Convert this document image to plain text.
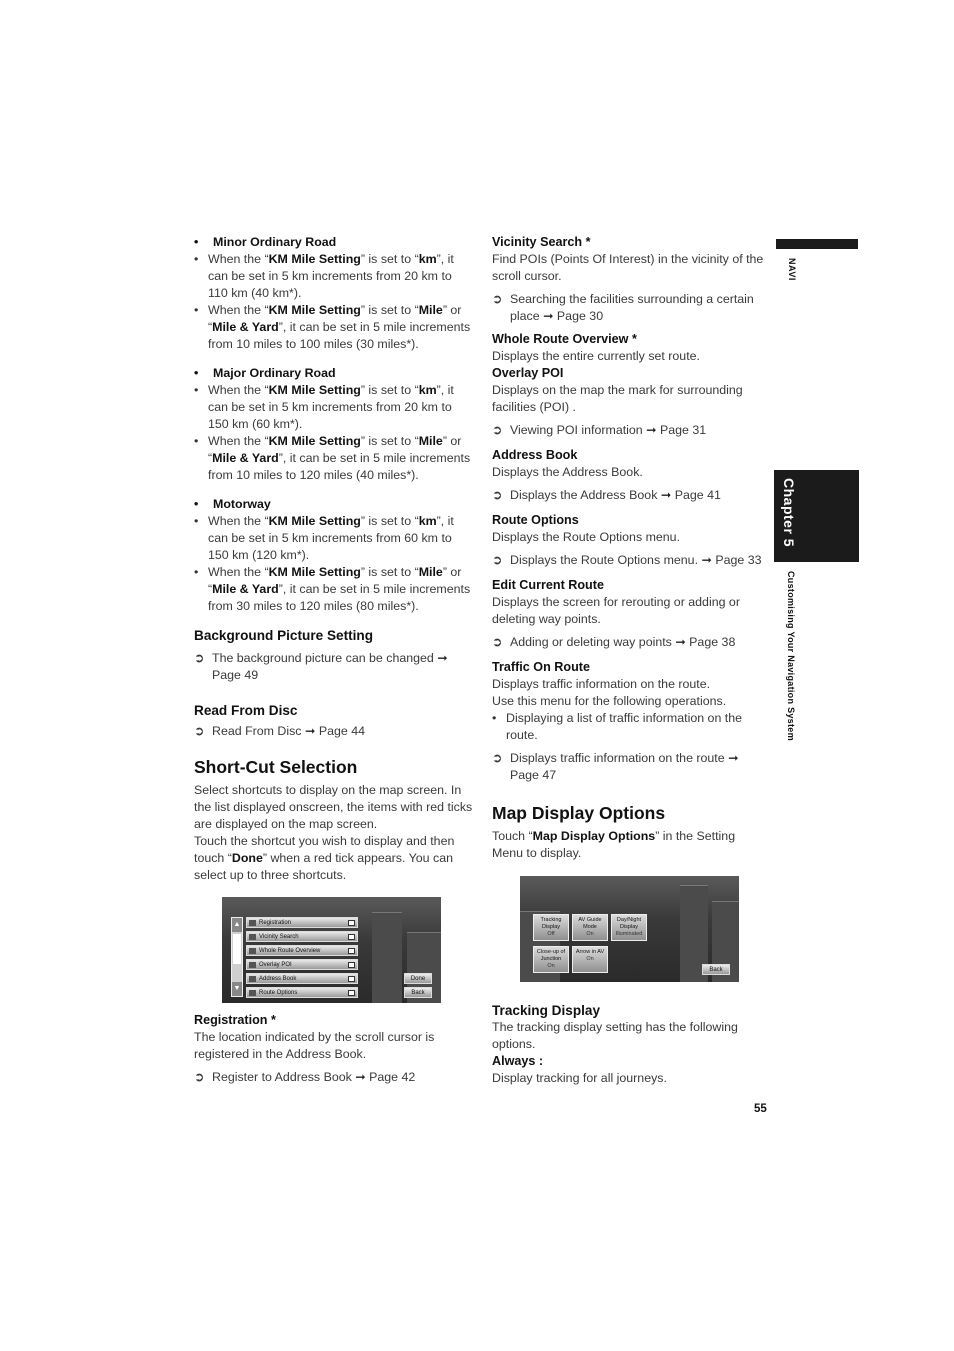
• Minor Ordinary Road

• When the “KM Mile Setting” is set to “km”, it can be set in 5 km increments from 20 km to 110 km (40 km*).

• When the “KM Mile Setting” is set to “Mile” or “Mile & Yard”, it can be set in 5 mile increments from 10 miles to 100 miles (30 miles*).

• Major Ordinary Road

• When the “KM Mile Setting” is set to “km”, it can be set in 5 km increments from 20 km to 150 km (60 km*).

• When the “KM Mile Setting” is set to “Mile” or “Mile & Yard”, it can be set in 5 mile increments from 10 miles to 120 miles (40 miles*).

• Motorway

• When the “KM Mile Setting” is set to “km”, it can be set in 5 km increments from 60 km to 150 km (120 km*).

• When the “KM Mile Setting” is set to “Mile” or “Mile & Yard”, it can be set in 5 mile increments from 30 miles to 120 miles (80 miles*).

Background Picture Setting

➲ The background picture can be changed ➞ Page 49

Read From Disc

➲ Read From Disc ➞ Page 44

Short-Cut Selection

Select shortcuts to display on the map screen. In the list displayed onscreen, the items with red ticks are displayed on the map screen.

Touch the shortcut you wish to display and then touch “Done” when a red tick appears. You can select up to three shortcuts.

▲
▼
Registration
Vicinity Search
Whole Route Overview
Overlay POI
Address Book
Route Options
Done
Back

Registration *

The location indicated by the scroll cursor is registered in the Address Book.

➲ Register to Address Book ➞ Page 42

Vicinity Search *

Find POIs (Points Of Interest) in the vicinity of the scroll cursor.

➲ Searching the facilities surrounding a certain place ➞ Page 30

Whole Route Overview *

Displays the entire currently set route.

Overlay POI

Displays on the map the mark for surrounding facilities (POI) .

➲ Viewing POI information ➞ Page 31

Address Book

Displays the Address Book.

➲ Displays the Address Book ➞ Page 41

Route Options

Displays the Route Options menu.

➲ Displays the Route Options menu. ➞ Page 33

Edit Current Route

Displays the screen for rerouting or adding or deleting way points.

➲ Adding or deleting way points ➞ Page 38

Traffic On Route

Displays traffic information on the route.

Use this menu for the following operations.

• Displaying a list of traffic information on the route.

➲ Displays traffic information on the route ➞ Page 47

Map Display Options

Touch “Map Display Options” in the Setting Menu to display.

Tracking Display
Off
AV Guide Mode
On
Day/Night Display
Illuminated
Close-up of Junction
On
Arrow in AV
On
Back

Tracking Display

The tracking display setting has the following options.

Always :

Display tracking for all journeys.

NAVI
Chapter 5
Customising Your Navigation System
55
